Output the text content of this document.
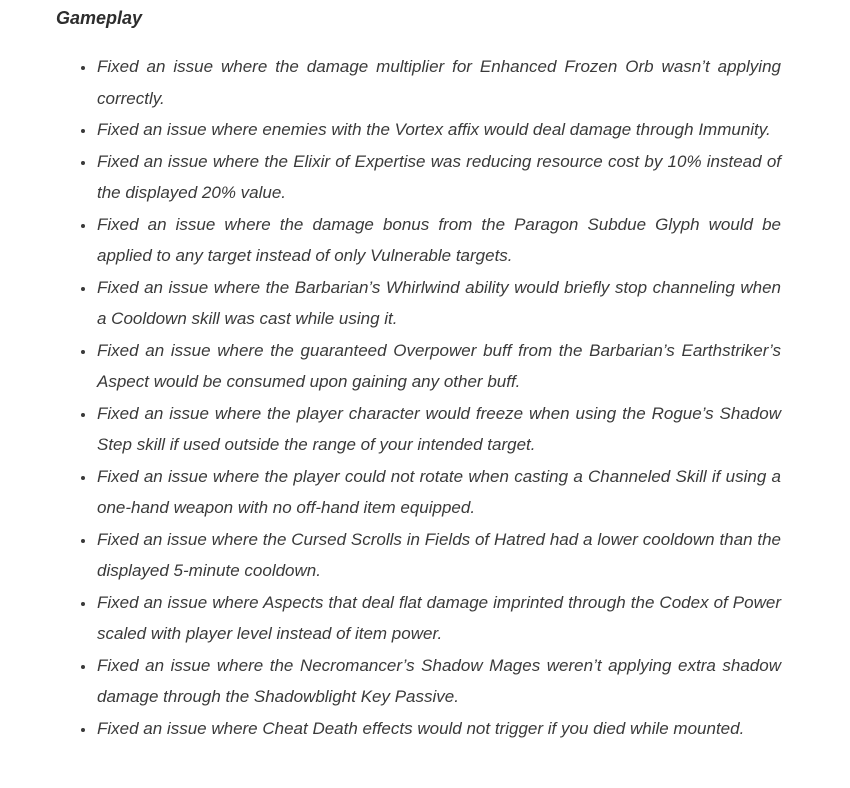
Gameplay
• Fixed an issue where the damage multiplier for Enhanced Frozen Orb wasn’t applying correctly.
• Fixed an issue where enemies with the Vortex affix would deal damage through Immunity.
• Fixed an issue where the Elixir of Expertise was reducing resource cost by 10% instead of the displayed 20% value.
• Fixed an issue where the damage bonus from the Paragon Subdue Glyph would be applied to any target instead of only Vulnerable targets.
• Fixed an issue where the Barbarian’s Whirlwind ability would briefly stop channeling when a Cooldown skill was cast while using it.
• Fixed an issue where the guaranteed Overpower buff from the Barbarian’s Earthstriker’s Aspect would be consumed upon gaining any other buff.
• Fixed an issue where the player character would freeze when using the Rogue’s Shadow Step skill if used outside the range of your intended target.
• Fixed an issue where the player could not rotate when casting a Channeled Skill if using a one-hand weapon with no off-hand item equipped.
• Fixed an issue where the Cursed Scrolls in Fields of Hatred had a lower cooldown than the displayed 5-minute cooldown.
• Fixed an issue where Aspects that deal flat damage imprinted through the Codex of Power scaled with player level instead of item power.
• Fixed an issue where the Necromancer’s Shadow Mages weren’t applying extra shadow damage through the Shadowblight Key Passive.
• Fixed an issue where Cheat Death effects would not trigger if you died while mounted.
